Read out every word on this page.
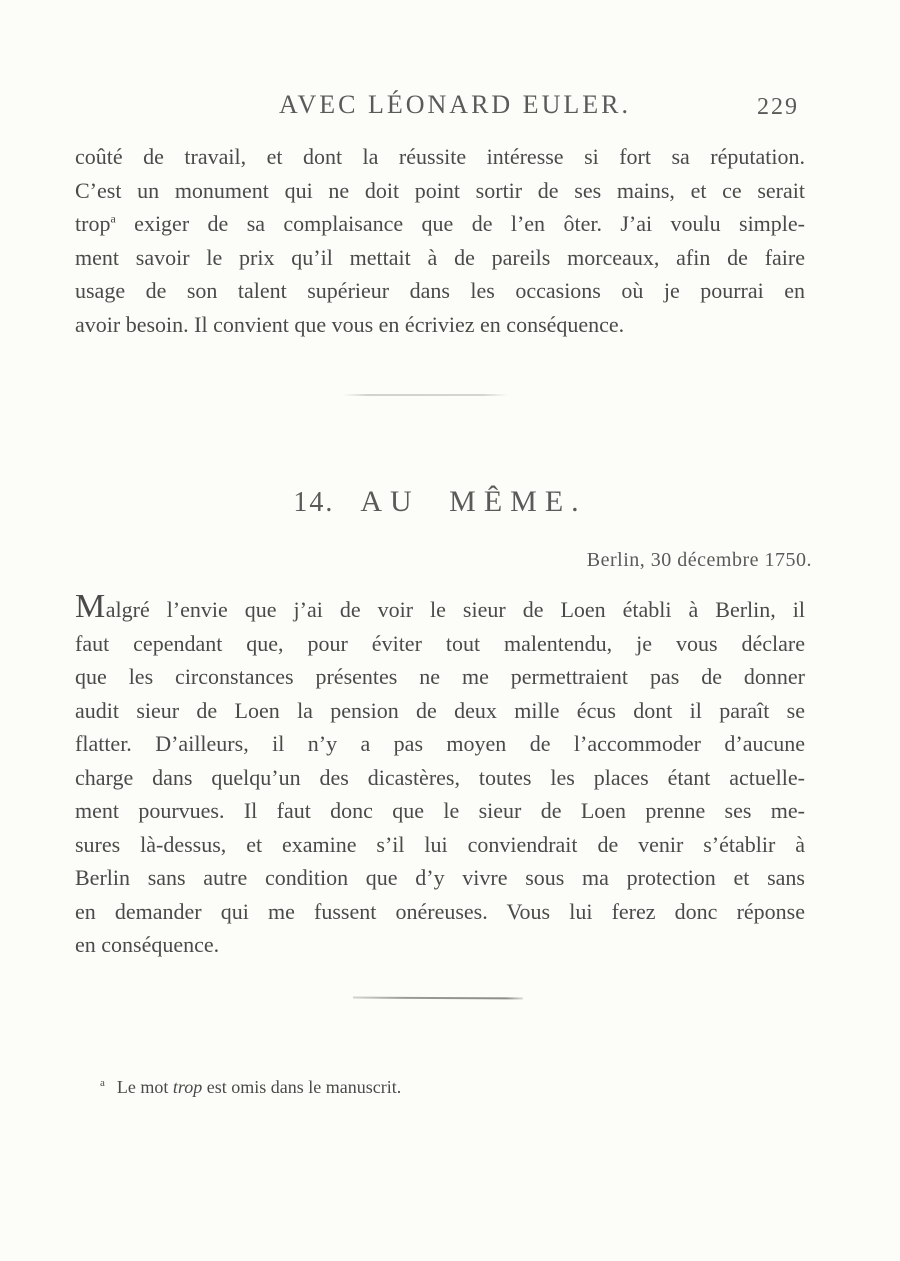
AVEC LÉONARD EULER.	229
coûté de travail, et dont la réussite intéresse si fort sa réputation.
C’est un monument qui ne doit point sortir de ses mains, et ce serait
trop$^a$ exiger de sa complaisance que de l’en ôter. J’ai voulu simple-
ment savoir le prix qu’il mettait à de pareils morceaux, afin de faire
usage de son talent supérieur dans les occasions où je pourrai en
avoir besoin. Il convient que vous en écriviez en conséquence.
14. AU MÊME.
Berlin, 30 décembre 1750.
Malgré l’envie que j’ai de voir le sieur de Loen établi à Berlin, il
faut cependant que, pour éviter tout malentendu, je vous déclare
que les circonstances présentes ne me permettraient pas de donner
audit sieur de Loen la pension de deux mille écus dont il paraît se
flatter. D’ailleurs, il n’y a pas moyen de l’accommoder d’aucune
charge dans quelqu’un des dicastères, toutes les places étant actuelle-
ment pourvues. Il faut donc que le sieur de Loen prenne ses me-
sures là-dessus, et examine s’il lui conviendrait de venir s’établir à
Berlin sans autre condition que d’y vivre sous ma protection et sans
en demander qui me fussent onéreuses. Vous lui ferez donc réponse
en conséquence.
$^a$ Le mot trop est omis dans le manuscrit.
